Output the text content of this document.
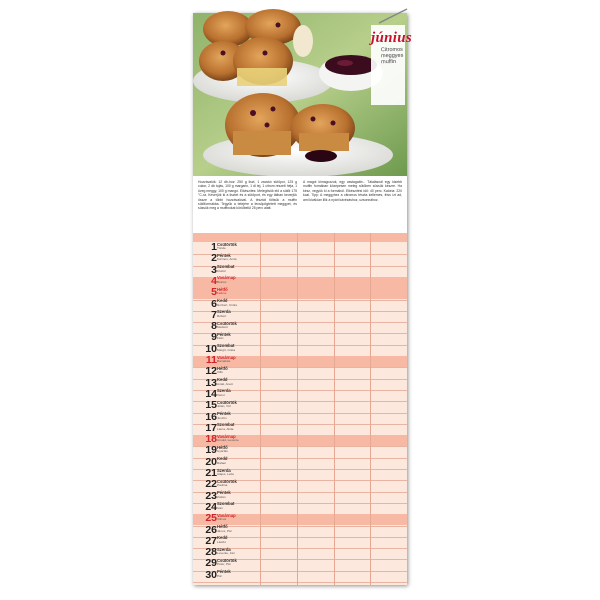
június
Citromos meggyes muffin
Hozzávalók: 12 db-hoz: 250 g liszt, 1 zacskó sütőpor, 125 g cukor, 2 db tojás, 100 g margarin, 1 dl tej, 1 citrom reszelt héja, 1 üveg meggy, 100 g mangó. Elkészítés: Melegítsük elő a sütőt 175 °C-ra. Keverjük ki a lisztet és a sütőport, és egy tálban keverjük össze a többi hozzávalóval. A tésztát töltsük a muffin sütőformákba. Tegyük a tetejére a lecsöpögtetett meggyet, és süssük meg a muffinokat körülbelül 25 perc alatt.
A magot kimagozzuk, egy vastagabb... Tálalásnál egy kisebb muffin formában közepesen meleg sütőben süssük készre. Ha kész, vegyük ki a formából. Elkészítési idő: 40 perc. Kalória: 220 kcal. Tipp: A meggyhez a citromos tészta kellemes, friss ízt ad, ami kiválóan illik a nyári kávézáshoz, uzsonnához.
1 Csütörtök
Tünde
2 Péntek
Kármen, Anita
3 Szombat
Klotild
4 Vasárnap
Bulcsú
5 Hétfő
Fatime
6 Kedd
Norbert, Cintia
7 Szerda
Róbert
8 Csütörtök
Medárd
9 Péntek
Félix
10 Szombat
Margit, Gréta
11 Vasárnap
Barnabás
12 Hétfő
Villő
13 Kedd
Antal, Anett
14 Szerda
Vazul
15 Csütörtök
Jolán, Vid
16 Péntek
Jusztin
17 Szombat
Laura, Alida
18 Vasárnap
Arnold, Levente
19 Hétfő
Gyárfás
20 Kedd
Rafael
21 Szerda
Alajos, Leila
22 Csütörtök
Paulina
23 Péntek
Zoltán
24 Szombat
Iván
25 Vasárnap
Vilmos
26 Hétfő
János, Pál
27 Kedd
László
28 Szerda
Levente, Irén
29 Csütörtök
Péter, Pál
30 Péntek
Pál
